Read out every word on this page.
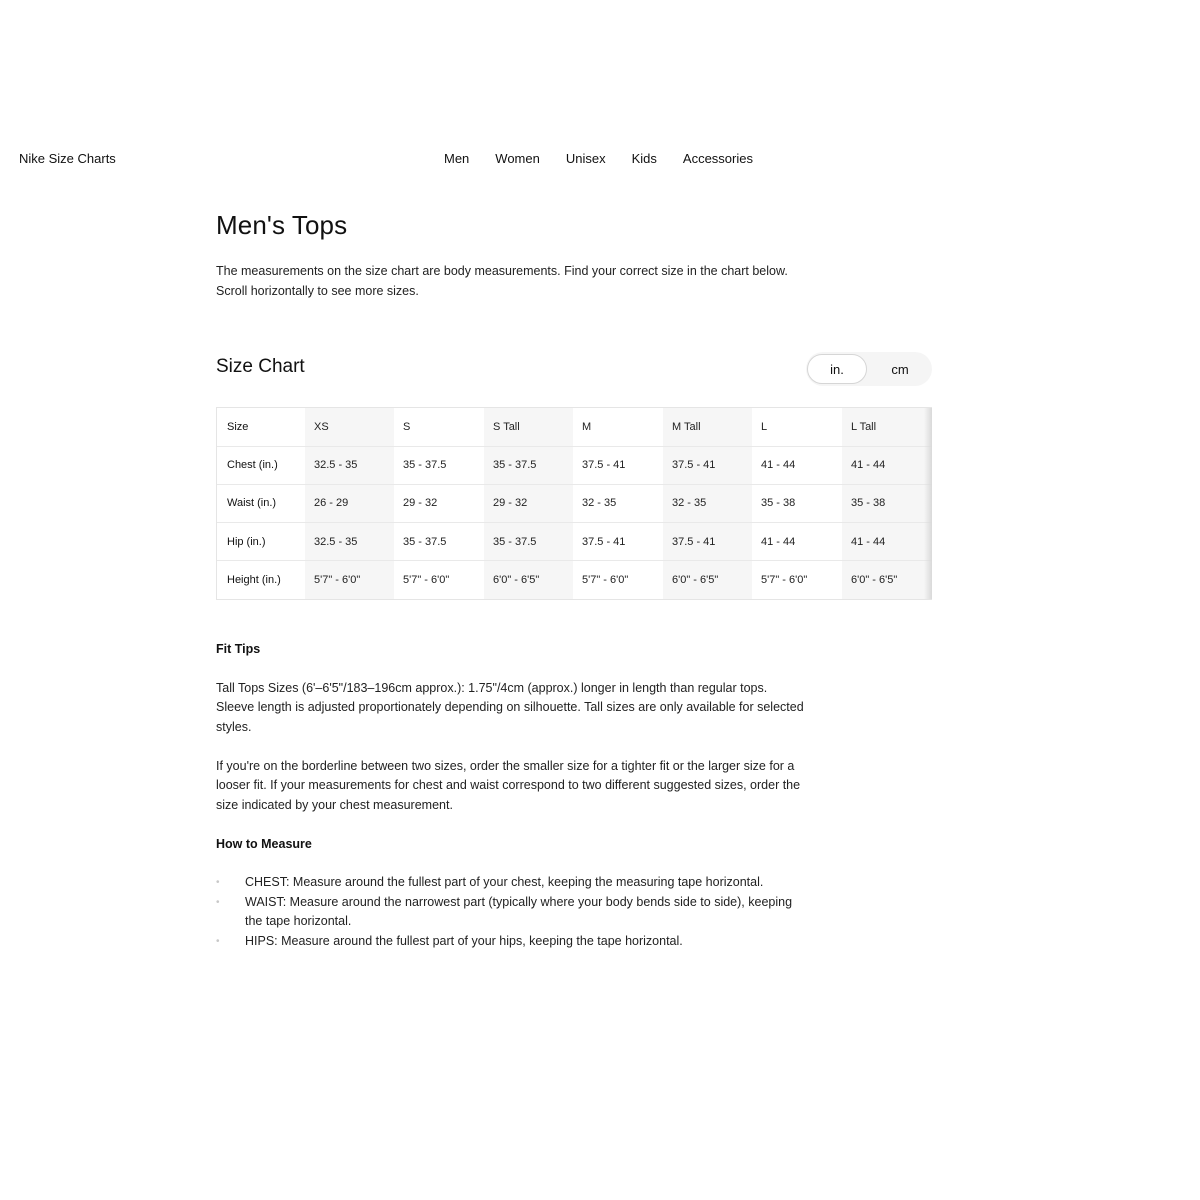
Nike Size Charts	Men Women Unisex Kids Accessories
Men's Tops

The measurements on the size chart are body measurements. Find your correct size in the chart below. Scroll horizontally to see more sizes.

Size Chart	in.	cm
Size	XS	S	S Tall	M	M Tall	L	L Tall
Chest (in.)	32.5 - 35	35 - 37.5	35 - 37.5	37.5 - 41	37.5 - 41	41 - 44	41 - 44
Waist (in.)	26 - 29	29 - 32	29 - 32	32 - 35	32 - 35	35 - 38	35 - 38
Hip (in.)	32.5 - 35	35 - 37.5	35 - 37.5	37.5 - 41	37.5 - 41	41 - 44	41 - 44
Height (in.)	5'7" - 6'0"	5'7" - 6'0"	6'0" - 6'5"	5'7" - 6'0"	6'0" - 6'5"	5'7" - 6'0"	6'0" - 6'5"
Fit Tips

Tall Tops Sizes (6'–6'5"/183–196cm approx.): 1.75"/4cm (approx.) longer in length than regular tops. Sleeve length is adjusted proportionately depending on silhouette. Tall sizes are only available for selected styles.

If you're on the borderline between two sizes, order the smaller size for a tighter fit or the larger size for a looser fit. If your measurements for chest and waist correspond to two different suggested sizes, order the size indicated by your chest measurement.

How to Measure
• CHEST: Measure around the fullest part of your chest, keeping the measuring tape horizontal.
• WAIST: Measure around the narrowest part (typically where your body bends side to side), keeping the tape horizontal.
• HIPS: Measure around the fullest part of your hips, keeping the tape horizontal.
